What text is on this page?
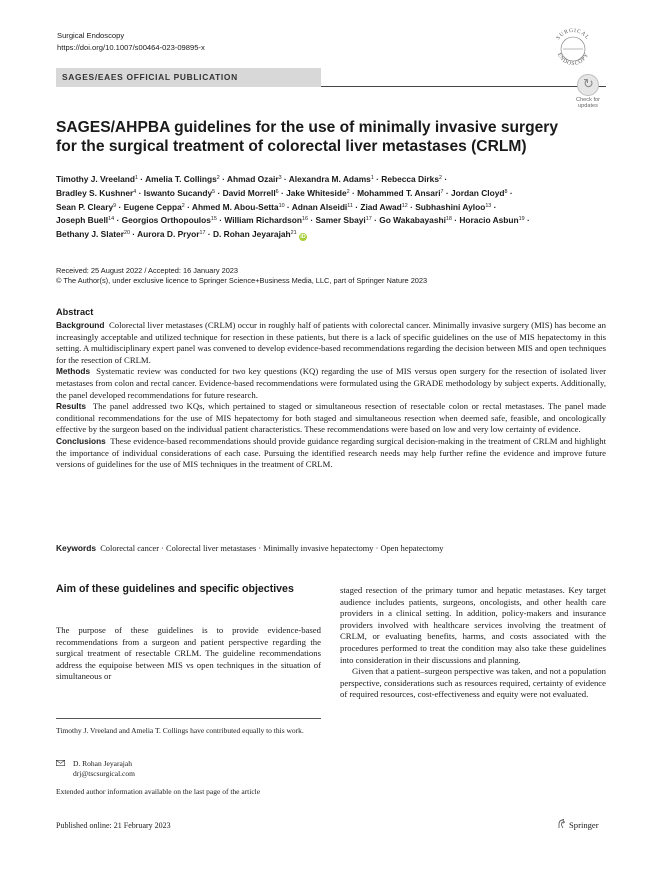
Surgical Endoscopy
https://doi.org/10.1007/s00464-023-09895-x
SURGICAL
ENDOSCOPY
SAGES/EAES OFFICIAL PUBLICATION	↻
Check for
updates
SAGES/AHPBA guidelines for the use of minimally invasive surgery
for the surgical treatment of colorectal liver metastases (CRLM)
Timothy J. Vreeland$^1$ · Amelia T. Collings$^2$ · Ahmad Ozair$^3$ · Alexandra M. Adams$^1$ · Rebecca Dirks$^2$ ·
Bradley S. Kushner$^4$ · Iswanto Sucandy$^5$ · David Morrell$^6$ · Jake Whiteside$^2$ · Mohammed T. Ansari$^7$ · Jordan Cloyd$^8$ ·
Sean P. Cleary$^9$ · Eugene Ceppa$^2$ · Ahmed M. Abou-Setta$^{10}$ · Adnan Alseidi$^{11}$ · Ziad Awad$^{12}$ · Subhashini Ayloo$^{13}$ ·
Joseph Buell$^{14}$ · Georgios Orthopoulos$^{15}$ · William Richardson$^{16}$ · Samer Sbayi$^{17}$ · Go Wakabayashi$^{18}$ · Horacio Asbun$^{19}$ ·
Bethany J. Slater$^{20}$ · Aurora D. Pryor$^{17}$ · D. Rohan Jeyarajah$^{21}$ iD
Received: 25 August 2022 / Accepted: 16 January 2023
© The Author(s), under exclusive licence to Springer Science+Business Media, LLC, part of Springer Nature 2023
Abstract

Background Colorectal liver metastases (CRLM) occur in roughly half of patients with colorectal cancer. Minimally invasive surgery (MIS) has become an increasingly acceptable and utilized technique for resection in these patients, but there is a lack of specific guidelines on the use of MIS hepatectomy in this setting. A multidisciplinary expert panel was convened to develop evidence-based recommendations regarding the decision between MIS and open techniques for the resection of CRLM.

Methods Systematic review was conducted for two key questions (KQ) regarding the use of MIS versus open surgery for the resection of isolated liver metastases from colon and rectal cancer. Evidence-based recommendations were formulated using the GRADE methodology by subject experts. Additionally, the panel developed recommendations for future research.

Results The panel addressed two KQs, which pertained to staged or simultaneous resection of resectable colon or rectal metastases. The panel made conditional recommendations for the use of MIS hepatectomy for both staged and simultaneous resection when deemed safe, feasible, and oncologically effective by the surgeon based on the individual patient characteristics. These recommendations were based on low and very low certainty of evidence.

Conclusions These evidence-based recommendations should provide guidance regarding surgical decision-making in the treatment of CRLM and highlight the importance of individual considerations of each case. Pursuing the identified research needs may help further refine the evidence and improve future versions of guidelines for the use of MIS techniques in the treatment of CRLM.

Keywords Colorectal cancer · Colorectal liver metastases · Minimally invasive hepatectomy · Open hepatectomy
Aim of these guidelines and specific objectives
The purpose of these guidelines is to provide evidence-based recommendations from a surgeon and patient perspective regarding the surgical treatment of resectable CRLM. The guideline recommendations address the equipoise between MIS vs open techniques in the situation of simultaneous or

staged resection of the primary tumor and hepatic metastases. Key target audience includes patients, surgeons, oncologists, and other health care providers in a clinical setting. In addition, policy-makers and insurance providers involved with healthcare services involving the treatment of CRLM, or evaluating benefits, harms, and costs associated with the procedures performed to treat the condition may also take these guidelines into consideration in their discussions and planning.

Given that a patient–surgeon perspective was taken, and not a population perspective, considerations such as resources required, certainty of evidence of required resources, cost-effectiveness and equity were not evaluated.

Timothy J. Vreeland and Amelia T. Collings have contributed equally to this work.
D. Rohan Jeyarajah
drj@tscsurgical.com
Extended author information available on the last page of the article
Published online: 21 February 2023	Springer
